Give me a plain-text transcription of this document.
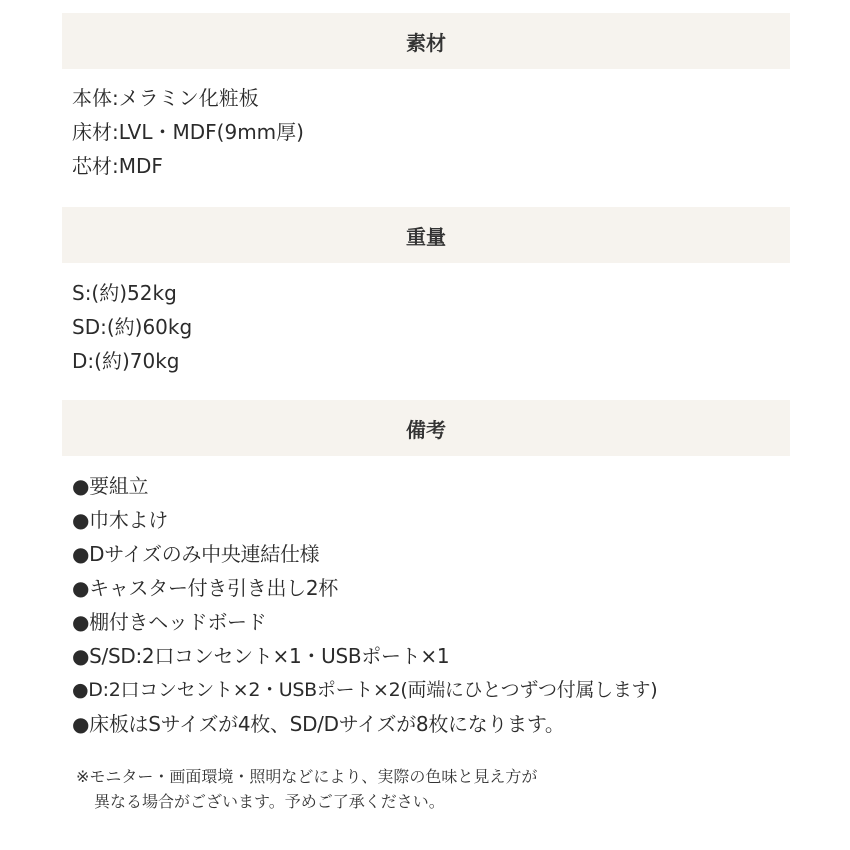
素材
本体:メラミン化粧板
床材:LVL・MDF(9mm厚)
芯材:MDF
重量
S:(約)52kg
SD:(約)60kg
D:(約)70kg
備考
●要組立
●巾木よけ
●Dサイズのみ中央連結仕様
●キャスター付き引き出し2杯
●棚付きヘッドボード
●S/SD:2口コンセント×1・USBポート×1
●D:2口コンセント×2・USBポート×2(両端にひとつずつ付属します)
●床板はSサイズが4枚、SD/Dサイズが8枚になります。
※モニター・画面環境・照明などにより、実際の色味と見え方が
異なる場合がございます。予めご了承ください。
